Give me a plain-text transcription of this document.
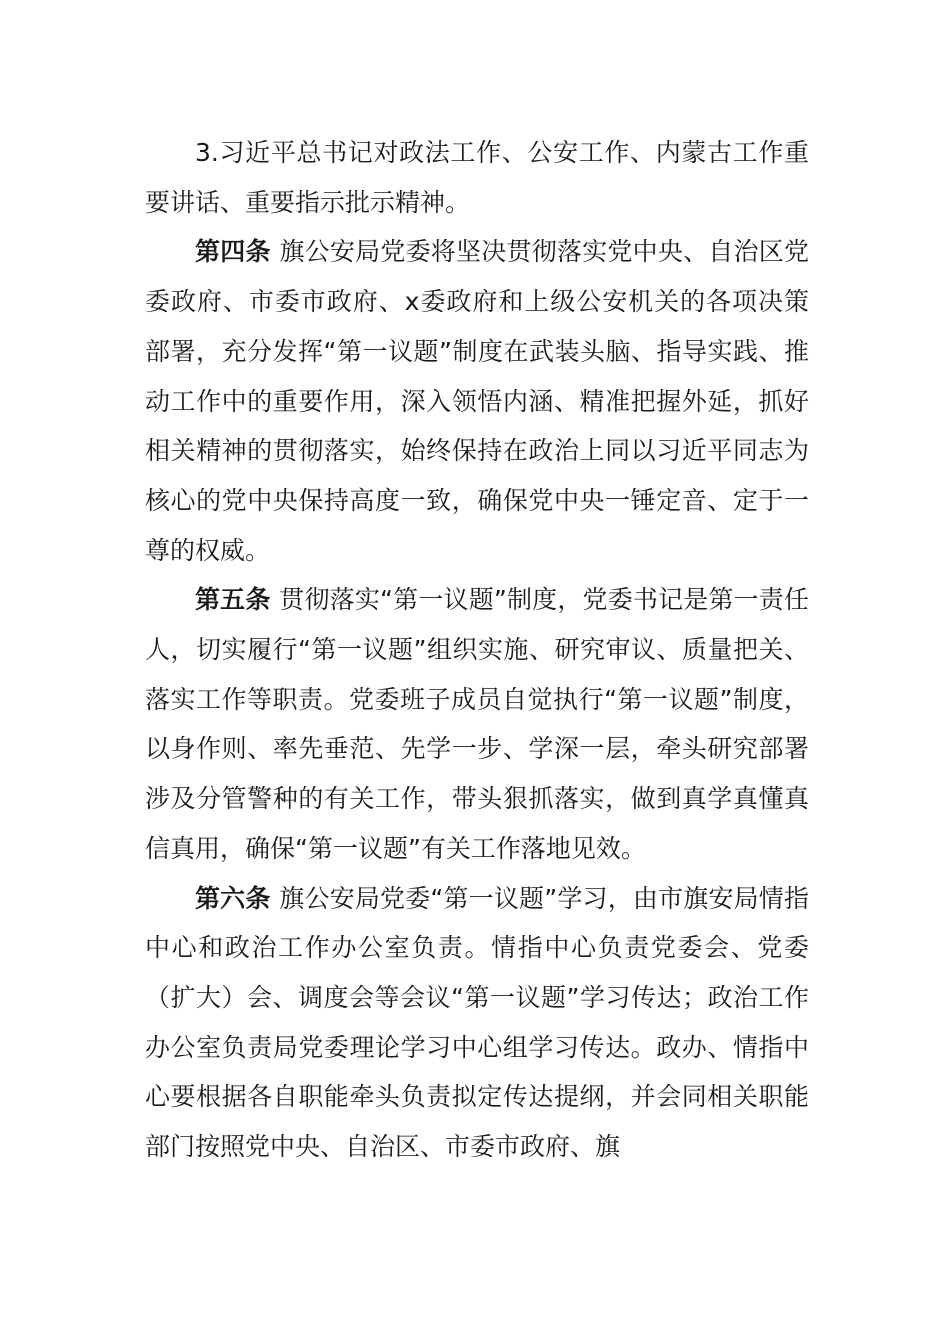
3.习近平总书记对政法工作、公安工作、内蒙古工作重要讲话、重要指示批示精神。

第四条 旗公安局党委将坚决贯彻落实党中央、自治区党委政府、市委市政府、x委政府和上级公安机关的各项决策部署，充分发挥“第一议题”制度在武装头脑、指导实践、推动工作中的重要作用，深入领悟内涵、精准把握外延，抓好相关精神的贯彻落实，始终保持在政治上同以习近平同志为核心的党中央保持高度一致，确保党中央一锤定音、定于一尊的权威。

第五条 贯彻落实“第一议题”制度，党委书记是第一责任人，切实履行“第一议题”组织实施、研究审议、质量把关、落实工作等职责。党委班子成员自觉执行“第一议题”制度，以身作则、率先垂范、先学一步、学深一层，牵头研究部署涉及分管警种的有关工作，带头狠抓落实，做到真学真懂真信真用，确保“第一议题”有关工作落地见效。

第六条 旗公安局党委“第一议题”学习，由市旗安局情指中心和政治工作办公室负责。情指中心负责党委会、党委（扩大）会、调度会等会议“第一议题”学习传达；政治工作办公室负责局党委理论学习中心组学习传达。政办、情指中心要根据各自职能牵头负责拟定传达提纲，并会同相关职能部门按照党中央、自治区、市委市政府、旗
